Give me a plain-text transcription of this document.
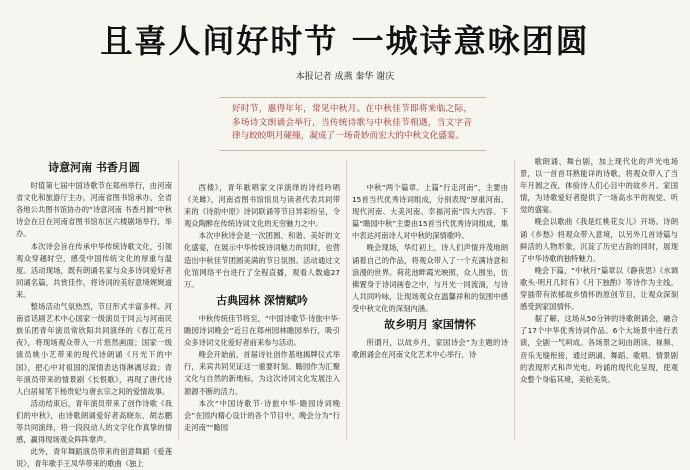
且喜人间好时节 一城诗意咏团圆
本报记者 成燕 秦华 谢庆
好时节，惠得年年，常见中秋月。在中秋佳节即将来临之际，多场诗文朗诵会举行，当传统诗歌与中秋佳节相遇，当文字音律与皎皎明月碰撞，凝成了一场奇妙而宏大的中秋文化盛宴。
诗意河南 书香月圆

时值第七届中国诗歌节在郑州举行，由河南省文化和旅游厅主办，河南省图书馆承办，全省各地公共图书馆协办的“诗意河南 书香月圆”中秋诗会在日在河南省图书馆东区六楼剧场举行，举办。

本次诗会旨在传承中华传统诗歌文化，引领观众穿越时空，感受中国传统文化的厚重与温度。活动现场，既有朗诵名家与众多诗词爱好者同诵名篇，共赏佳作，将诗词的美好意境娓娓道来。

整场活动气氛热烈，节目形式丰富多样。河南省话剧艺术中心国家一级演员于同云与河南民族乐团青年演员常欣阳共同演绎的《春江花月夜》，将现场观众带入一片悠然画面；国家一级演员姚小艺带来的现代诗朗诵《月光下的中国》，把心中对祖国的深情表达得淋漓尽致；青年演员带来的情景剧《长恨歌》，再现了唐代诗人白居易笔下杨贵妃与唐玄宗之间的爱情故事。

活动结束后，青年演员带来了创作诗歌《我们的中秋》，由诗歌朗诵爱好者高晓东、胡志鹏等共同演绎，将一段段动人的文字化作真挚的情感，赢得现场观众阵阵掌声。

此外，青年舞蹈演员带来的创意舞蹈《爱莲说》，青年歌手王凤华带来的歌曲《独上

西楼》，青年歌唱家文洋演绎的诗经吟唱《关雎》，河南省图书馆馆员与读者代表共同带来的《诗韵中原》诗词联诵等节目异彩纷呈，令观众陶醉在传统诗词文化的无穷魅力之中。

本次中秋诗会是一次团圆、和谐、美好的文化盛宴，在展示中华传统诗词魅力的同时，也营造出中秋佳节团圆美满的节日氛围。活动通过文化馆网络平台进行了全程直播，观看人数逾27万。

古典园林 深情赋吟

中秋传统佳节将至，“中国诗歌节·诗旅中华·瞻园诗词晚会”近日在郑州园林瞻园举行，吸引众多诗词文化爱好者前来参与活动。

晚会开始前，首届诗社创作基地揭牌仪式举行，来宾共同见证这一重要时刻。瞻园作为汇聚文化与自然的新地标，为这次诗词文化发展注入源源不断的活力。

本次“中国诗歌节·诗旅中华·瞻园诗词晚会”在园内精心设计的各个节目中，晚会分为“行走河南”“瞻园

中秋”两个篇章。上篇“行走河南”，主要由15首当代优秀诗词组成，分别表现“厚重河南、现代河南、大美河南、幸福河南”四大内容。下篇“瞻园中秋”主要由15首当代优秀诗词组成，集中表达河南诗人对中秋的深情歌吟。

晚会现场，华灯初上，诗人们声情并茂地朗诵着自己的作品，将观众带入了一个充满诗意和浪漫的世界。荷花池畔霞光映照，众人围坐，仿佛置身于诗词画卷之中，与月光一同流淌，与诗人共同吟咏，让现场观众在温馨祥和的氛围中感受中秋文化的深刻内涵。

故乡明月 家国情怀

所谓月，以故乡月，家国诗会”为主题的诗歌朗诵会在河南文化艺术中心举行，诗

歌朗诵、舞台剧，加上现代化的声光电场景，以一首首耳熟能详的诗歌，将观众带入了当年月圆之夜，体验诗人们心目中的故乡月、家国情，为诗歌爱好者提供了一场高水平的视觉、听觉的盛宴。

晚会以歌曲《我是红桃花女儿》开场。诗朗诵《乡愁》将观众带入意境，以另外几首诗篇与鲜活的人物形象，沉淀了历史古韵的同时，展现了中华诗歌的独特魅力。

晚会下篇，“中秋月”篇章以《静夜思》《水调歌头·明月几时有》《月下独酌》等诗作为主线，穿插带有浓郁故乡情怀的原创节目，让观众深刻感受到家国情怀。

据了解，这场从50分钟的诗歌朗诵会，融合了17个中华优秀诗词作品、6个大场景中进行表演，全剧一气呵成。各场景之间由朗读、视频、音乐无缝衔接，通过朗诵、舞蹈、歌唱、情景剧的表现形式和声光电、吟诵的现代化呈现，使观众整个身临其境，美轮美奂。
